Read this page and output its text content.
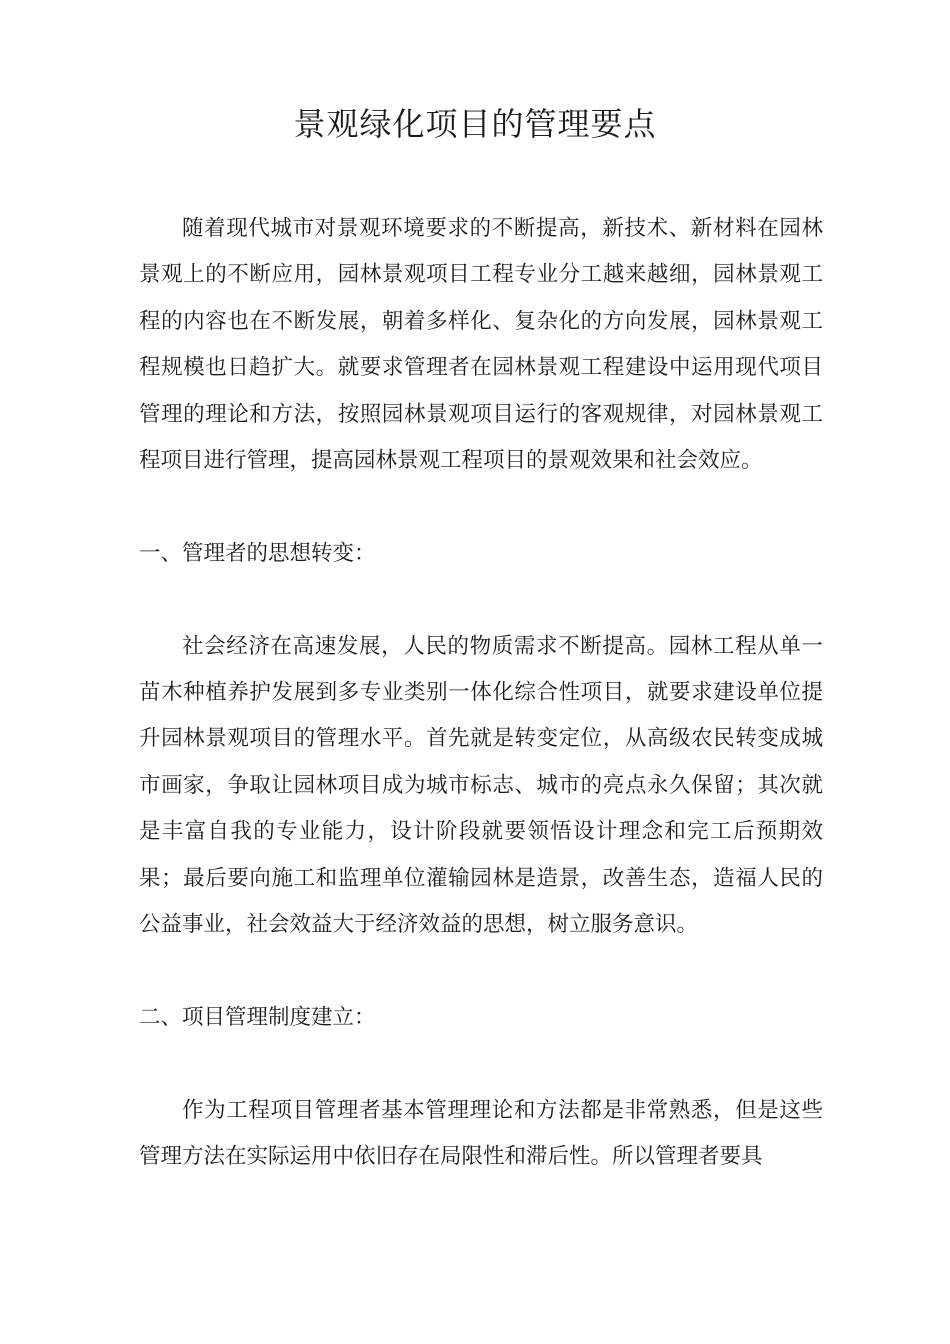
景观绿化项目的管理要点

随着现代城市对景观环境要求的不断提高，新技术、新材料在园林景观上的不断应用，园林景观项目工程专业分工越来越细，园林景观工程的内容也在不断发展，朝着多样化、复杂化的方向发展，园林景观工程规模也日趋扩大。就要求管理者在园林景观工程建设中运用现代项目管理的理论和方法，按照园林景观项目运行的客观规律，对园林景观工程项目进行管理，提高园林景观工程项目的景观效果和社会效应。

一、管理者的思想转变：

社会经济在高速发展，人民的物质需求不断提高。园林工程从单一苗木种植养护发展到多专业类别一体化综合性项目，就要求建设单位提升园林景观项目的管理水平。首先就是转变定位，从高级农民转变成城市画家，争取让园林项目成为城市标志、城市的亮点永久保留；其次就是丰富自我的专业能力，设计阶段就要领悟设计理念和完工后预期效果；最后要向施工和监理单位灌输园林是造景，改善生态，造福人民的公益事业，社会效益大于经济效益的思想，树立服务意识。

二、项目管理制度建立：

作为工程项目管理者基本管理理论和方法都是非常熟悉，但是这些管理方法在实际运用中依旧存在局限性和滞后性。所以管理者要具
